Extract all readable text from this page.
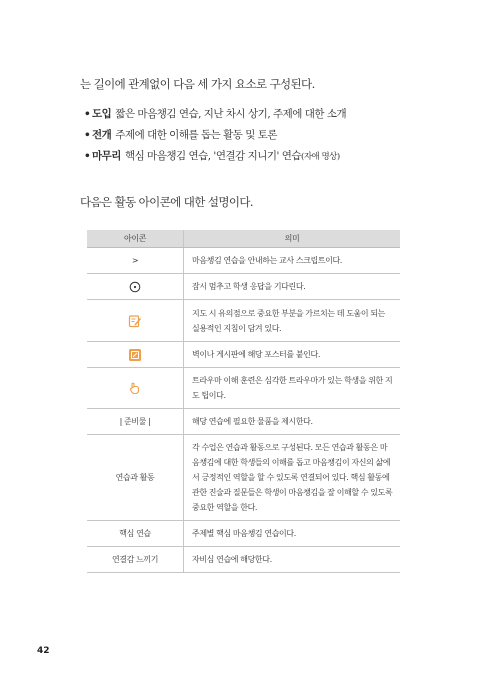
는 길이에 관계없이 다음 세 가지 요소로 구성된다.

• 도입 짧은 마음챙김 연습, 지난 차시 상기, 주제에 대한 소개
• 전개 주제에 대한 이해를 돕는 활동 및 토론
• 마무리 핵심 마음챙김 연습, '연결감 지니기' 연습(자애 명상)

다음은 활동 아이콘에 대한 설명이다.

아이콘	의미
>	마음챙김 연습을 안내하는 교사 스크립트이다.
	잠시 멈추고 학생 응답을 기다린다.
	지도 시 유의점으로 중요한 부분을 가르치는 데 도움이 되는 실용적인 지침이 담겨 있다.
	벽이나 게시판에 해당 포스터를 붙인다.
	트라우마 이해 훈련은 심각한 트라우마가 있는 학생을 위한 지도 팁이다.
| 준비물 |	해당 연습에 필요한 물품을 제시한다.
연습과 활동	각 수업은 연습과 활동으로 구성된다. 모든 연습과 활동은 마음챙김에 대한 학생들의 이해를 돕고 마음챙김이 자신의 삶에서 긍정적인 역할을 할 수 있도록 연결되어 있다. 핵심 활동에 관한 진술과 질문들은 학생이 마음챙김을 잘 이해할 수 있도록 중요한 역할을 한다.
핵심 연습	주제별 핵심 마음챙김 연습이다.
연결감 느끼기	자비심 연습에 해당한다.
42
